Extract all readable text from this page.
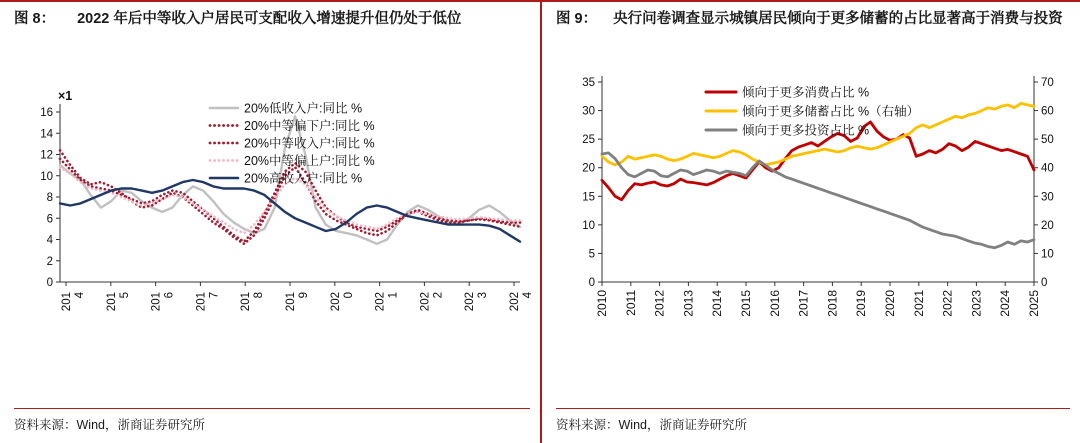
图 8：	2022 年后中等收入户居民可支配收入增速提升但仍处于低位
×1
0
2
4
6
8
10
12
14
16
2014 2015 2016 2017 2018 2019 2020 2021 2022 2023 2024
20%低收入户:同比 %
20%中等偏下户:同比 %
20%中等收入户:同比 %
20%中等偏上户:同比 %
20%高收入户:同比 %
资料来源：Wind，浙商证券研究所
图 9：	央行问卷调查显示城镇居民倾向于更多储蓄的占比显著高于消费与投资
0
5
10
15
20
25
30
35
0
10
20
30
40
50
60
70
2010 2011 2012 2013 2014 2015 2016 2017 2018 2019 2020 2021 2022 2023 2024 2025
倾向于更多消费占比 %
倾向于更多储蓄占比 %（右轴）
倾向于更多投资占比 %
资料来源：Wind，浙商证券研究所
